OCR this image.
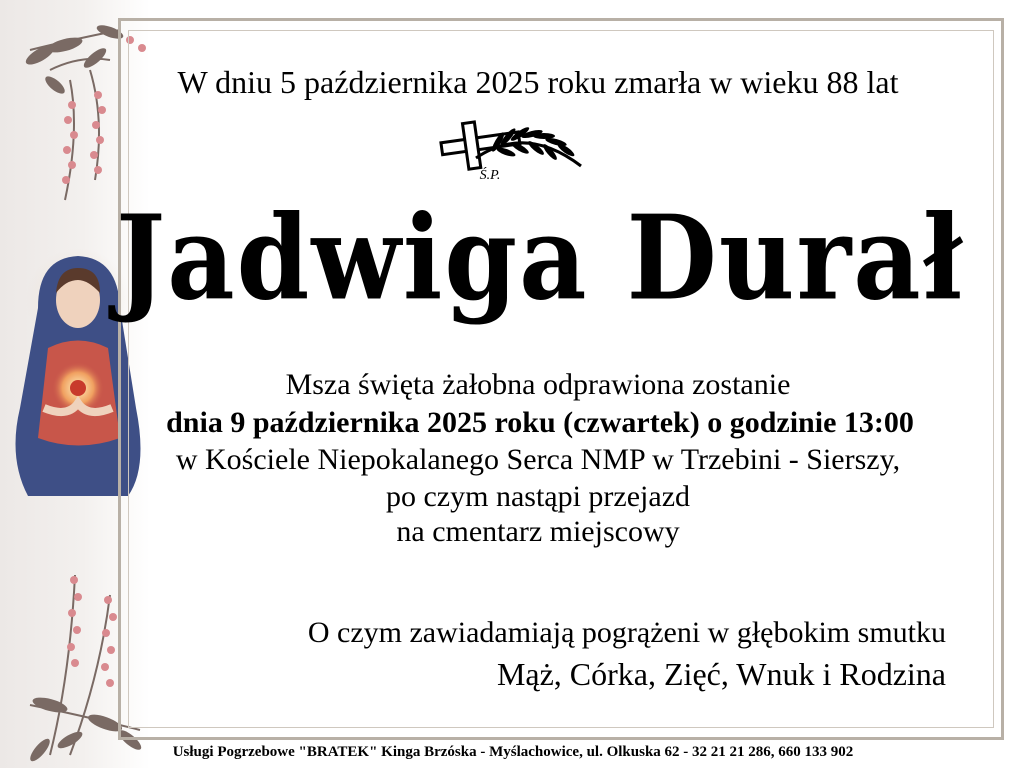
W dniu 5 października 2025 roku zmarła w wieku 88 lat
Ś.P.
Jadwiga Durał
Msza święta żałobna odprawiona zostanie
dnia 9 października 2025 roku (czwartek) o godzinie 13:00
w Kościele Niepokalanego Serca NMP w Trzebini - Sierszy,
po czym nastąpi przejazd
na cmentarz miejscowy
O czym zawiadamiają pogrążeni w głębokim smutku
Mąż, Córka, Zięć, Wnuk i Rodzina
Usługi Pogrzebowe "BRATEK" Kinga Brzóska - Myślachowice, ul. Olkuska 62 - 32 21 21 286, 660 133 902
